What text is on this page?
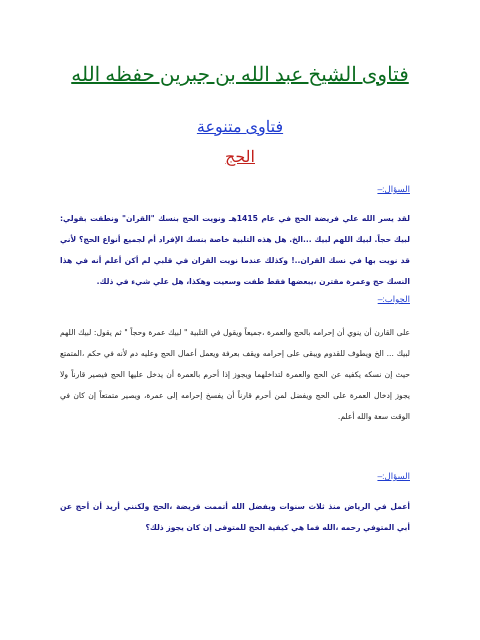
فتاوى الشيخ عبد الله بن جبرين حفظه الله
فتاوى متنوعة
الحج
السؤال:–

لقد يسر الله علي فريضة الحج في عام 1415هـ ونويت الحج بنسك "القران" ونطقت بقولي: لبيك حجاً. لبيك اللهم لبيك ...الخ. هل هذه التلبية خاصة بنسك الإفراد أم لجميع أنواع الحج؟ لأني قد نويت بها في نسك القران..! وكذلك عندما نويت القران في قلبي لم أكن أعلم أنه في هذا النسك حج وعمرة مقترن ،يبعضها فقط طفت وسعيت وهكذا، هل علي شيء في ذلك.

الجواب:–

على القارن أن ينوي أن إحرامه بالحج والعمرة ،جميعاً ويقول في التلبية " لبيك عمرة وحجاً " ثم يقول: لبيك اللهم لبيك ... الخ ويطوف للقدوم ويبقى على إحرامه ويقف بعرفة ويعمل أعمال الحج وعليه دم لأنه في حكم ،المتمتع حيث إن نسكه يكفيه عن الحج والعمرة لتداخلهما ويجوز إذا أحرم بالعمرة أن يدخل عليها الحج فيصير قارناً ولا يجوز إدخال العمرة على الحج ويفضل لمن أحرم قارناً أن يفسخ إحرامه إلى عمرة، ويصير متمتعاً إن كان في الوقت سعة والله أعلم.

السؤال:–

أعمل في الرياض منذ ثلاث سنوات وبفضل الله أتممت فريضة ،الحج ولكنني أريد أن أحج عن أبي المتوفي رحمه ،الله فما هي كيفية الحج للمتوفى إن كان يجوز ذلك؟
